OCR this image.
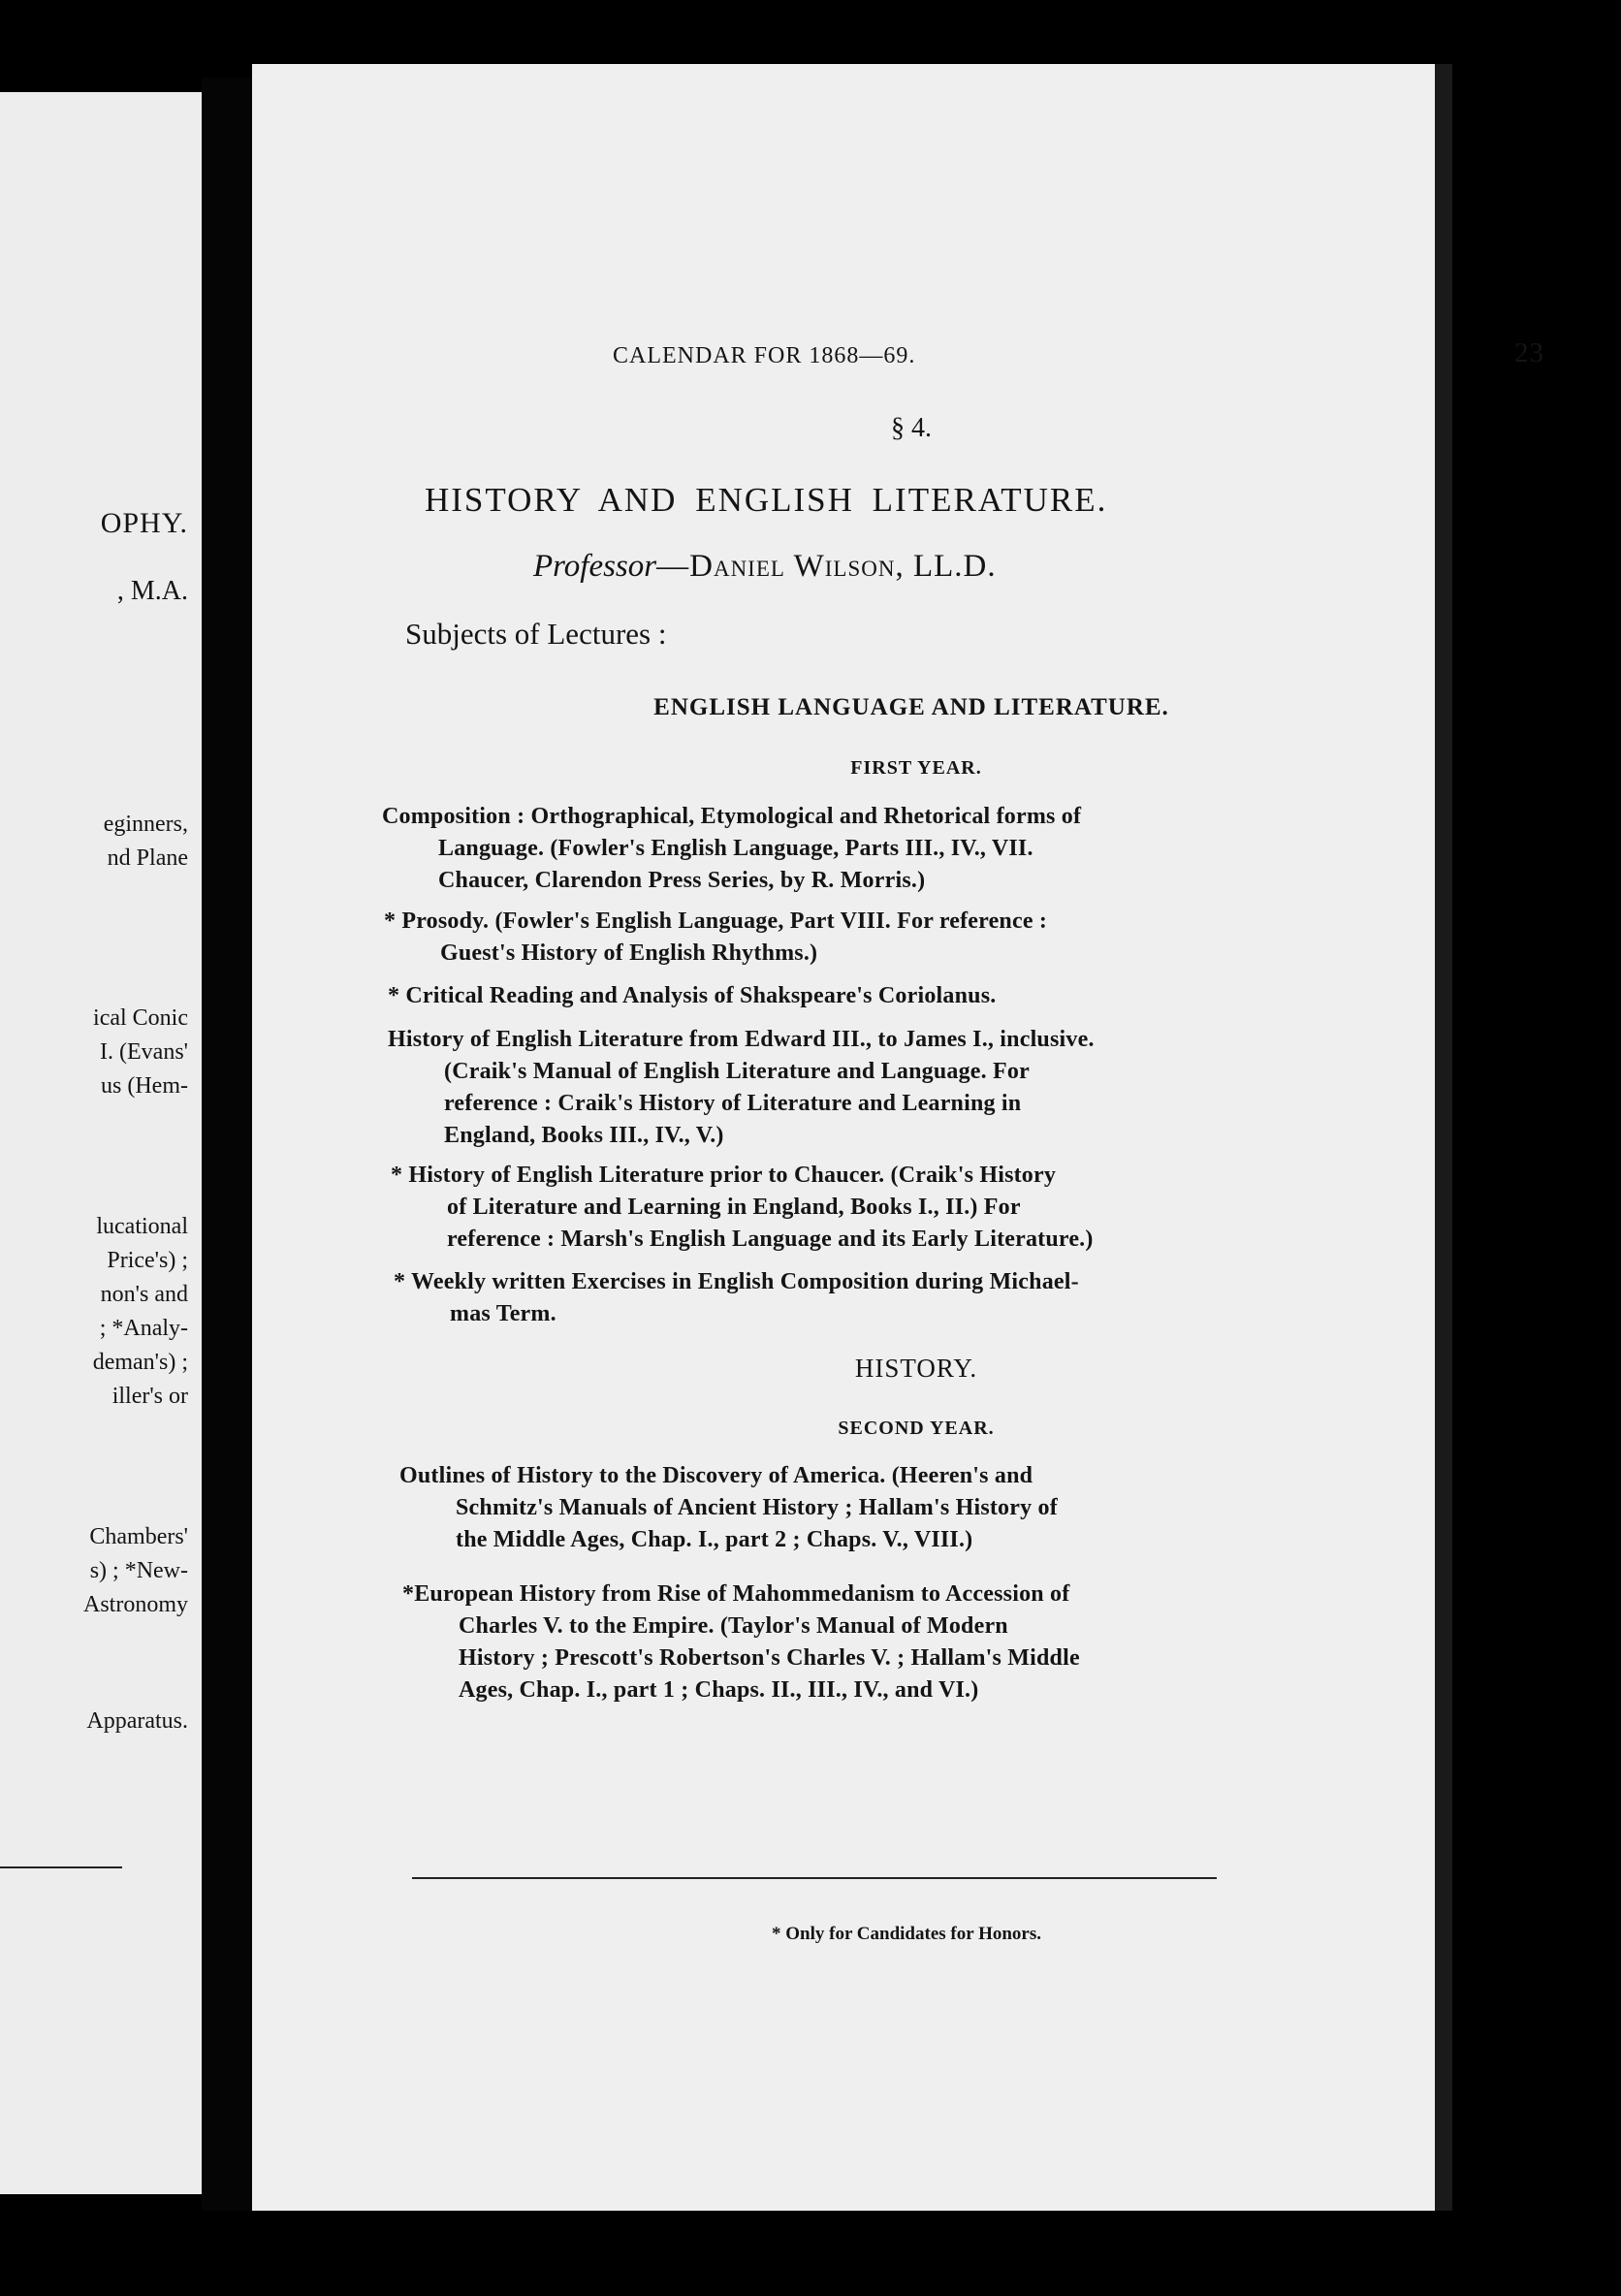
OPHY.
, M.A.
eginners,
nd Plane
ical Conic
I. (Evans'
us (Hem-
lucational
Price's) ;
non's and
; *Analy-
deman's) ;
iller's or
Chambers'
s) ; *New-
Astronomy
Apparatus.
CALENDAR FOR 1868—69.	23
§ 4.
HISTORY AND ENGLISH LITERATURE.
Professor—Daniel Wilson, LL.D.
Subjects of Lectures :
ENGLISH LANGUAGE AND LITERATURE.
FIRST YEAR.
Composition : Orthographical, Etymological and Rhetorical forms of
Language. (Fowler's English Language, Parts III., IV., VII.
Chaucer, Clarendon Press Series, by R. Morris.)
* Prosody. (Fowler's English Language, Part VIII. For reference :
Guest's History of English Rhythms.)
* Critical Reading and Analysis of Shakspeare's Coriolanus.
History of English Literature from Edward III., to James I., inclusive.
(Craik's Manual of English Literature and Language. For
reference : Craik's History of Literature and Learning in
England, Books III., IV., V.)
* History of English Literature prior to Chaucer. (Craik's History
of Literature and Learning in England, Books I., II.) For
reference : Marsh's English Language and its Early Literature.)
* Weekly written Exercises in English Composition during Michael-
mas Term.
HISTORY.
SECOND YEAR.
Outlines of History to the Discovery of America. (Heeren's and
Schmitz's Manuals of Ancient History ; Hallam's History of
the Middle Ages, Chap. I., part 2 ; Chaps. V., VIII.)
*European History from Rise of Mahommedanism to Accession of
Charles V. to the Empire. (Taylor's Manual of Modern
History ; Prescott's Robertson's Charles V. ; Hallam's Middle
Ages, Chap. I., part 1 ; Chaps. II., III., IV., and VI.)
* Only for Candidates for Honors.
